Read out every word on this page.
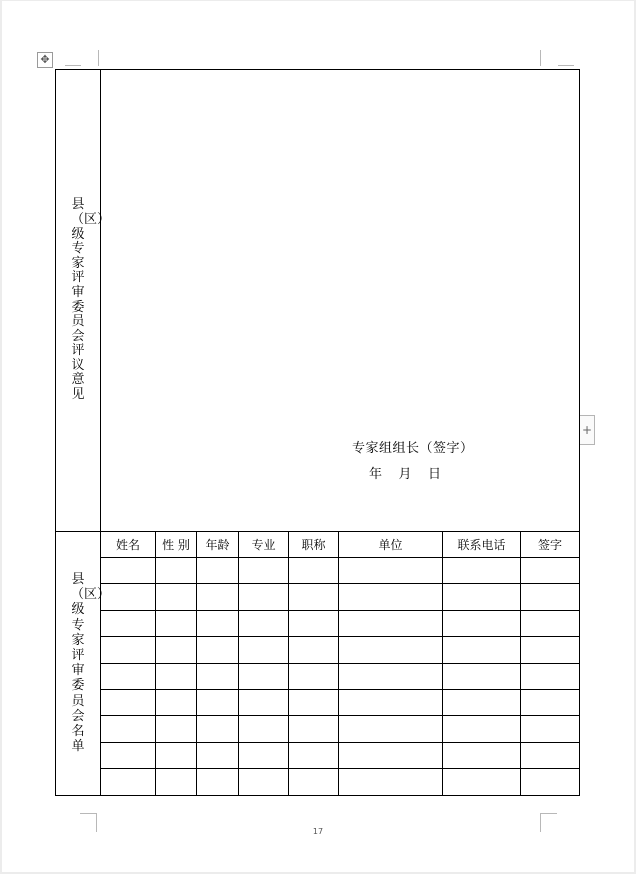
17
✥
+
县（区）级专家评审委员会评议意见	专家组组长（签字）
年    月    日							

县（区）级专家评审委员会名单	姓名	性 别	年龄	专业	职称	单位	联系电话	签字
